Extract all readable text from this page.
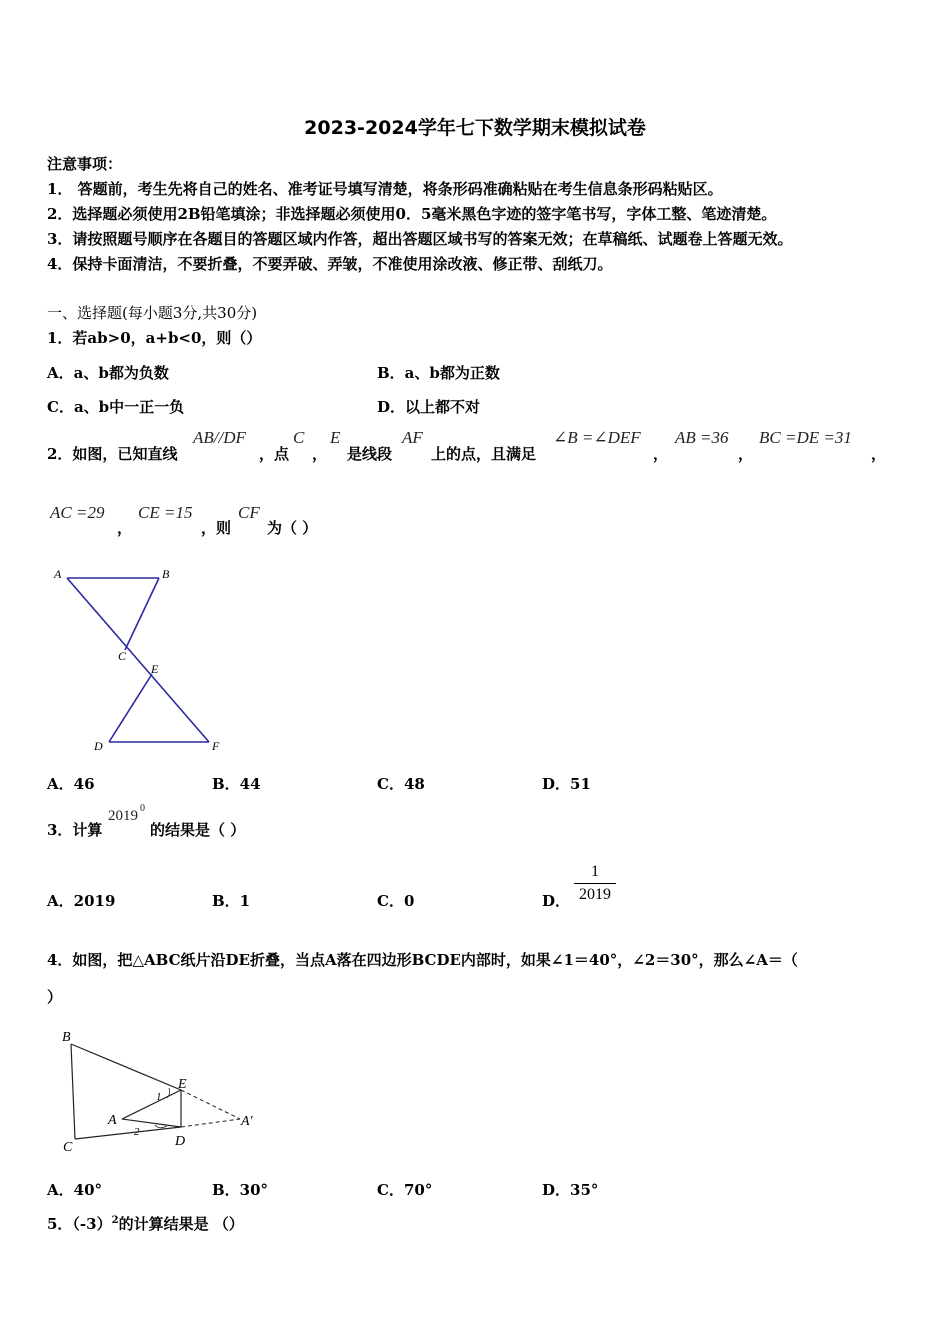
2023-2024学年七下数学期末模拟试卷
注意事项：
1． 答题前，考生先将自己的姓名、准考证号填写清楚，将条形码准确粘贴在考生信息条形码粘贴区。
2．选择题必须使用2B铅笔填涂；非选择题必须使用0．5毫米黑色字迹的签字笔书写，字体工整、笔迹清楚。
3．请按照题号顺序在各题目的答题区域内作答，超出答题区域书写的答案无效；在草稿纸、试题卷上答题无效。
4．保持卡面清洁，不要折叠，不要弄破、弄皱，不准使用涂改液、修正带、刮纸刀。
一、选择题(每小题3分,共30分)
1．若ab>0，a+b<0，则（）
A．a、b都为负数	B．a、b都为正数
C．a、b中一正一负	D．以上都不对
2．如图，已知直线
AB//DF
，点
C
，
E
是线段
AF
上的点，且满足
∠B =∠DEF
，
AB =36
，
BC =DE =31
，
AC =29
，
CE =15
，则
CF
为（ ）
A	B
C
E
D	F
A．46	B．44	C．48	D．51
3．计算
2019 0
的结果是（ ）
A．2019	B．1	C．0	D．
1
2019
4．如图，把△ABC纸片沿DE折叠，当点A落在四边形BCDE内部时，如果∠1＝40°，∠2＝30°，那么∠A＝（
）
B
E
A	A′
C	D
1
2
A．40°	B．30°	C．70°	D．35°
5．$(-3)^2$的计算结果是 （）
